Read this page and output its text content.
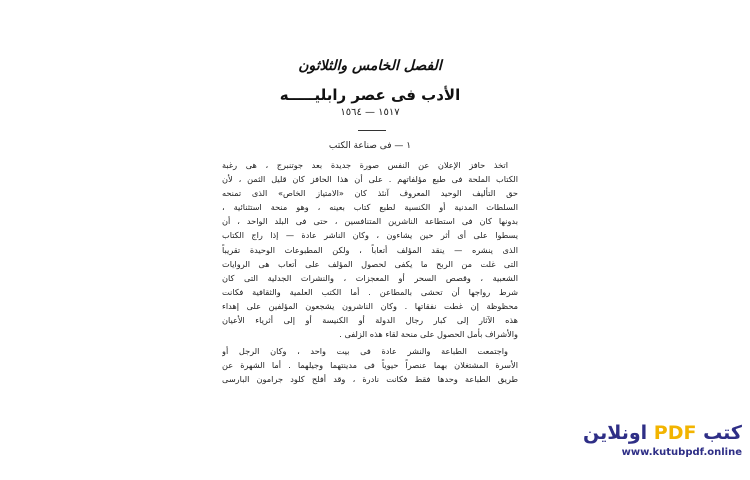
الفصل الخامس والثلاثون
الأدب فى عصر رابليـــــه
١٥١٧ — ١٥٦٤
١ — فى صناعة الكتب
اتخذ حافز الإعلان عن النفس صورة جديدة بعد جوتنبرج ، هى رغبة
الكتاب الملحة فى طبع مؤلفاتهم . على أن هذا الحافز كان قليل الثمن ، لأن
حق التأليف الوحيد المعروف آنئذ كان «الامتياز الخاص» الذى تمنحه
السلطات المدنية أو الكنسية لطبع كتاب بعينه ، وهو منحة استثنائية ،
بدونها كان فى استطاعة الناشرين المتنافسين ، حتى فى البلد الواحد ، أن
يسطوا على أى أثر حين يشاءون ، وكان الناشر عادة — إذا راج الكتاب
الذى ينشره — ينقد المؤلف أتعاباً ، ولكن المطبوعات الوحيدة تقريباً
التى غلت من الربح ما يكفى لحصول المؤلف على أتعاب هى الروايات
الشعبية ، وقصص السحر أو المعجزات ، والنشرات الجدلية التى كان
شرط رواجها أن تحشى بالمطاعن . أما الكتب العلمية والثقافية فكانت
محظوظة إن غطت نفقاتها . وكان الناشرون يشجعون المؤلفين على إهداء
هذه الآثار إلى كبار رجال الدولة أو الكنيسة أو إلى أثرياء الأعيان
والأشراف بأمل الحصول على منحة لقاء هذه الزلفى .
واجتمعت الطباعة والنشر عادة فى بيت واحد ، وكان الرجل أو
الأسرة المشتغلان بهما عنصراً حيوياً فى مدينتهما وجيلهما . أما الشهرة عن
طريق الطباعة وحدها فقط فكانت نادرة ، وقد أفلح كلود جرامون البارسى
كتب PDF اونلاين
www.kutubpdf.online
